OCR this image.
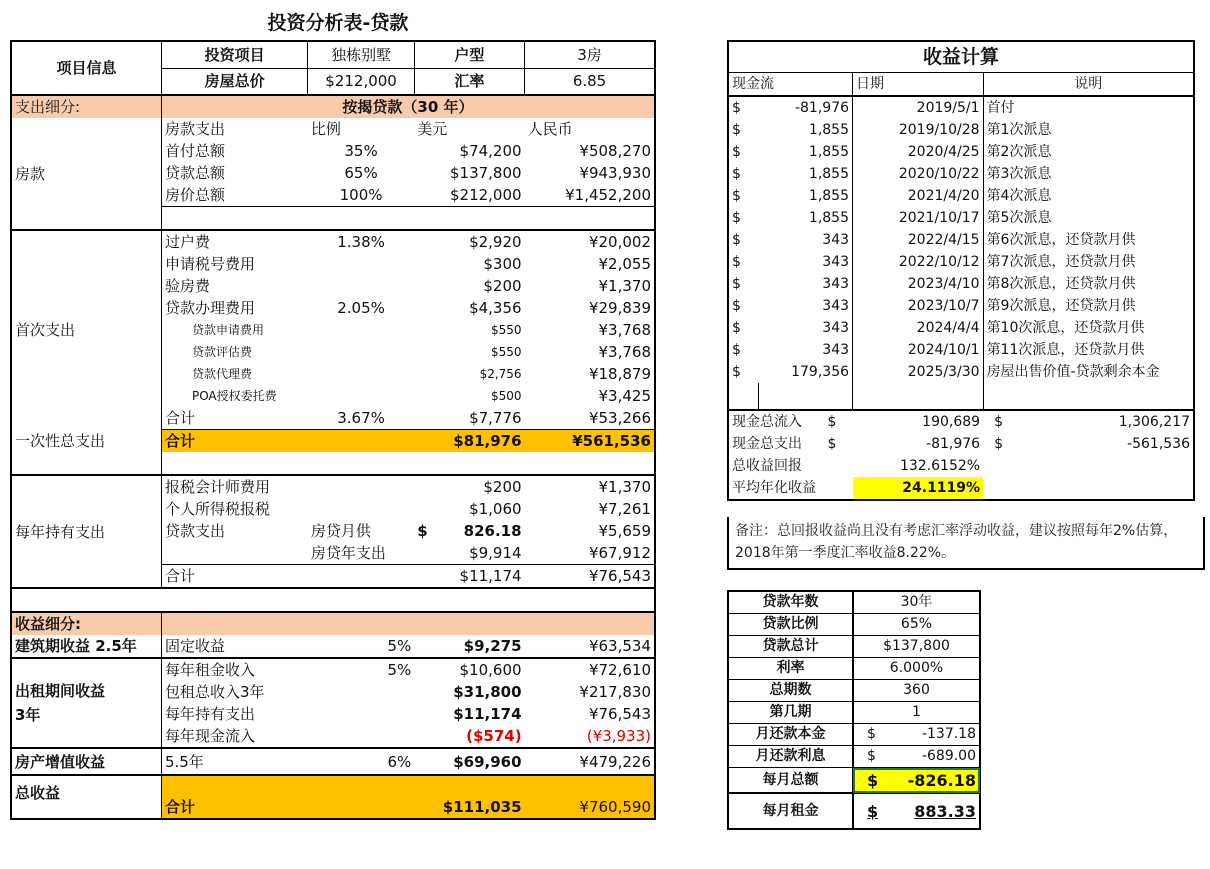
投资分析表-贷款
项目信息	投资项目	独栋别墅	户型	3房
	房屋总价	$212,000	汇率	6.85
支出细分:	按揭贷款（30 年）			
房款	房款支出	比例	美元	人民币
	首付总额	35%	$74,200	¥508,270
	贷款总额	65%	$137,800	¥943,930
	房价总额	100%	$212,000	¥1,452,200

首次支出	过户费	1.38%	$2,920	¥20,002
	申请税号费用		$300	¥2,055
	验房费		$200	¥1,370
	贷款办理费用	2.05%	$4,356	¥29,839
	贷款申请费用		$550	¥3,768
	贷款评估费		$550	¥3,768
	贷款代理费		$2,756	¥18,879
	POA授权委托费		$500	¥3,425
	合计	3.67%	$7,776	¥53,266
一次性总支出	合计		$81,976	¥561,536

每年持有支出	报税会计师费用		$200	¥1,370
	个人所得税报税		$1,060	¥7,261
	贷款支出	房贷月供	$ 826.18	¥5,659
		房贷年支出	$9,914	¥67,912
	合计		$11,174	¥76,543

收益细分:				
建筑期收益 2.5年	固定收益	5%	$9,275	¥63,534

出租期间收益
3年	每年租金收入	5%	$10,600	¥72,610
	包租总收入3年		$31,800	¥217,830
	每年持有支出		$11,174	¥76,543
	每年现金流入		($574)	(¥3,933)
房产增值收益	5.5年	6%	$69,960	¥479,226
总收益	合计		$111,035	¥760,590
收益计算			
现金流		日期	说明
$	-81,976	2019/5/1	首付
$	1,855	2019/10/28	第1次派息
$	1,855	2020/4/25	第2次派息
$	1,855	2020/10/22	第3次派息
$	1,855	2021/4/20	第4次派息
$	1,855	2021/10/17	第5次派息
$	343	2022/4/15	第6次派息，还贷款月供
$	343	2022/10/12	第7次派息，还贷款月供
$	343	2023/4/10	第8次派息，还贷款月供
$	343	2023/10/7	第9次派息，还贷款月供
$	343	2024/4/4	第10次派息，还贷款月供
$	343	2024/10/1	第11次派息，还贷款月供
$	179,356	2025/3/30	房屋出售价值-贷款剩余本金

现金总流入 $		190,689	$ 1,306,217

现金总支出 $		-81,976	$ -561,536

总收益回报		132.6152%	
平均年化收益		24.1119%	
备注：总回报收益尚且没有考虑汇率浮动收益，建议按照每年2%估算，2018年第一季度汇率收益8.22%。
贷款年数	30年
贷款比例	65%
贷款总计	$137,800
利率	6.000%
总期数	360
第几期	1
月还款本金	$ -137.18

月还款利息	$ -689.00

每月总额	$ -826.18

每月租金	$ 883.33
